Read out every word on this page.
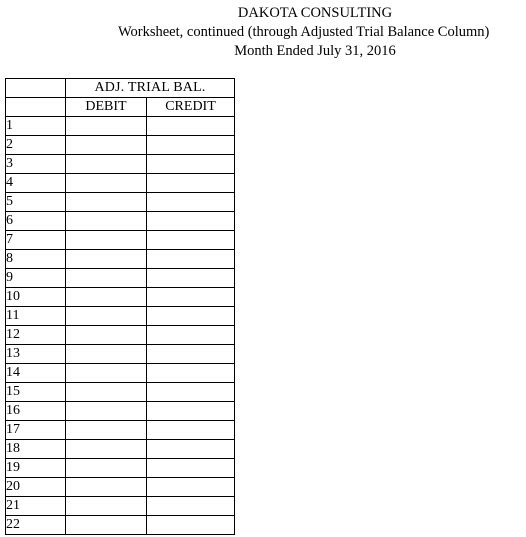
DAKOTA CONSULTING
Worksheet, continued (through Adjusted Trial Balance Column)
Month Ended July 31, 2016
	ADJ. TRIAL BAL.	
	DEBIT	CREDIT
1		
2		
3		
4		
5		
6		
7		
8		
9		
10		
11		
12		
13		
14		
15		
16		
17		
18		
19		
20		
21		
22		
